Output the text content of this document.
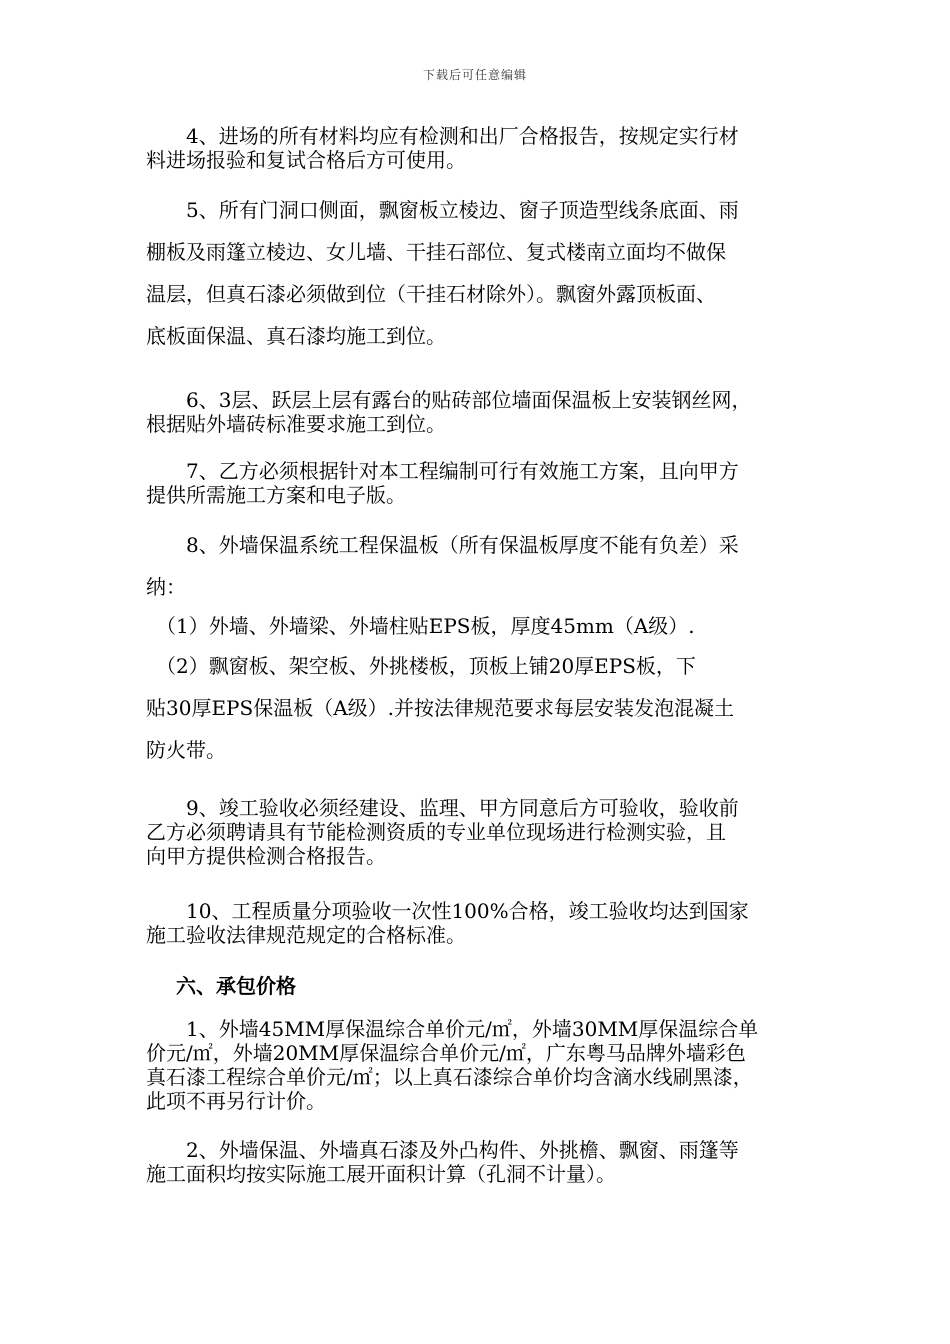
下载后可任意编辑
　　4、进场的所有材料均应有检测和出厂合格报告，按规定实行材
料进场报验和复试合格后方可使用。
　　5、所有门洞口侧面，飘窗板立棱边、窗子顶造型线条底面、雨
棚板及雨篷立棱边、女儿墙、干挂石部位、复式楼南立面均不做保
温层，但真石漆必须做到位（干挂石材除外）。飘窗外露顶板面、
底板面保温、真石漆均施工到位。
　　6、3层、跃层上层有露台的贴砖部位墙面保温板上安装钢丝网，
根据贴外墙砖标准要求施工到位。
　　7、乙方必须根据针对本工程编制可行有效施工方案，且向甲方
提供所需施工方案和电子版。
　　8、外墙保温系统工程保温板（所有保温板厚度不能有负差）采
纳：
　（1）外墙、外墙梁、外墙柱贴EPS板，厚度45mm（A级）.
　（2）飘窗板、架空板、外挑楼板，顶板上铺20厚EPS板，下
贴30厚EPS保温板（A级）.并按法律规范要求每层安装发泡混凝土
防火带。
　　9、竣工验收必须经建设、监理、甲方同意后方可验收，验收前
乙方必须聘请具有节能检测资质的专业单位现场进行检测实验，且
向甲方提供检测合格报告。
　　10、工程质量分项验收一次性100%合格，竣工验收均达到国家
施工验收法律规范规定的合格标准。
六、承包价格
　　1、外墙45MM厚保温综合单价元/㎡，外墙30MM厚保温综合单
价元/㎡，外墙20MM厚保温综合单价元/㎡，广东粤马品牌外墙彩色
真石漆工程综合单价元/㎡；以上真石漆综合单价均含滴水线刷黑漆，
此项不再另行计价。
　　2、外墙保温、外墙真石漆及外凸构件、外挑檐、飘窗、雨篷等
施工面积均按实际施工展开面积计算（孔洞不计量）。
